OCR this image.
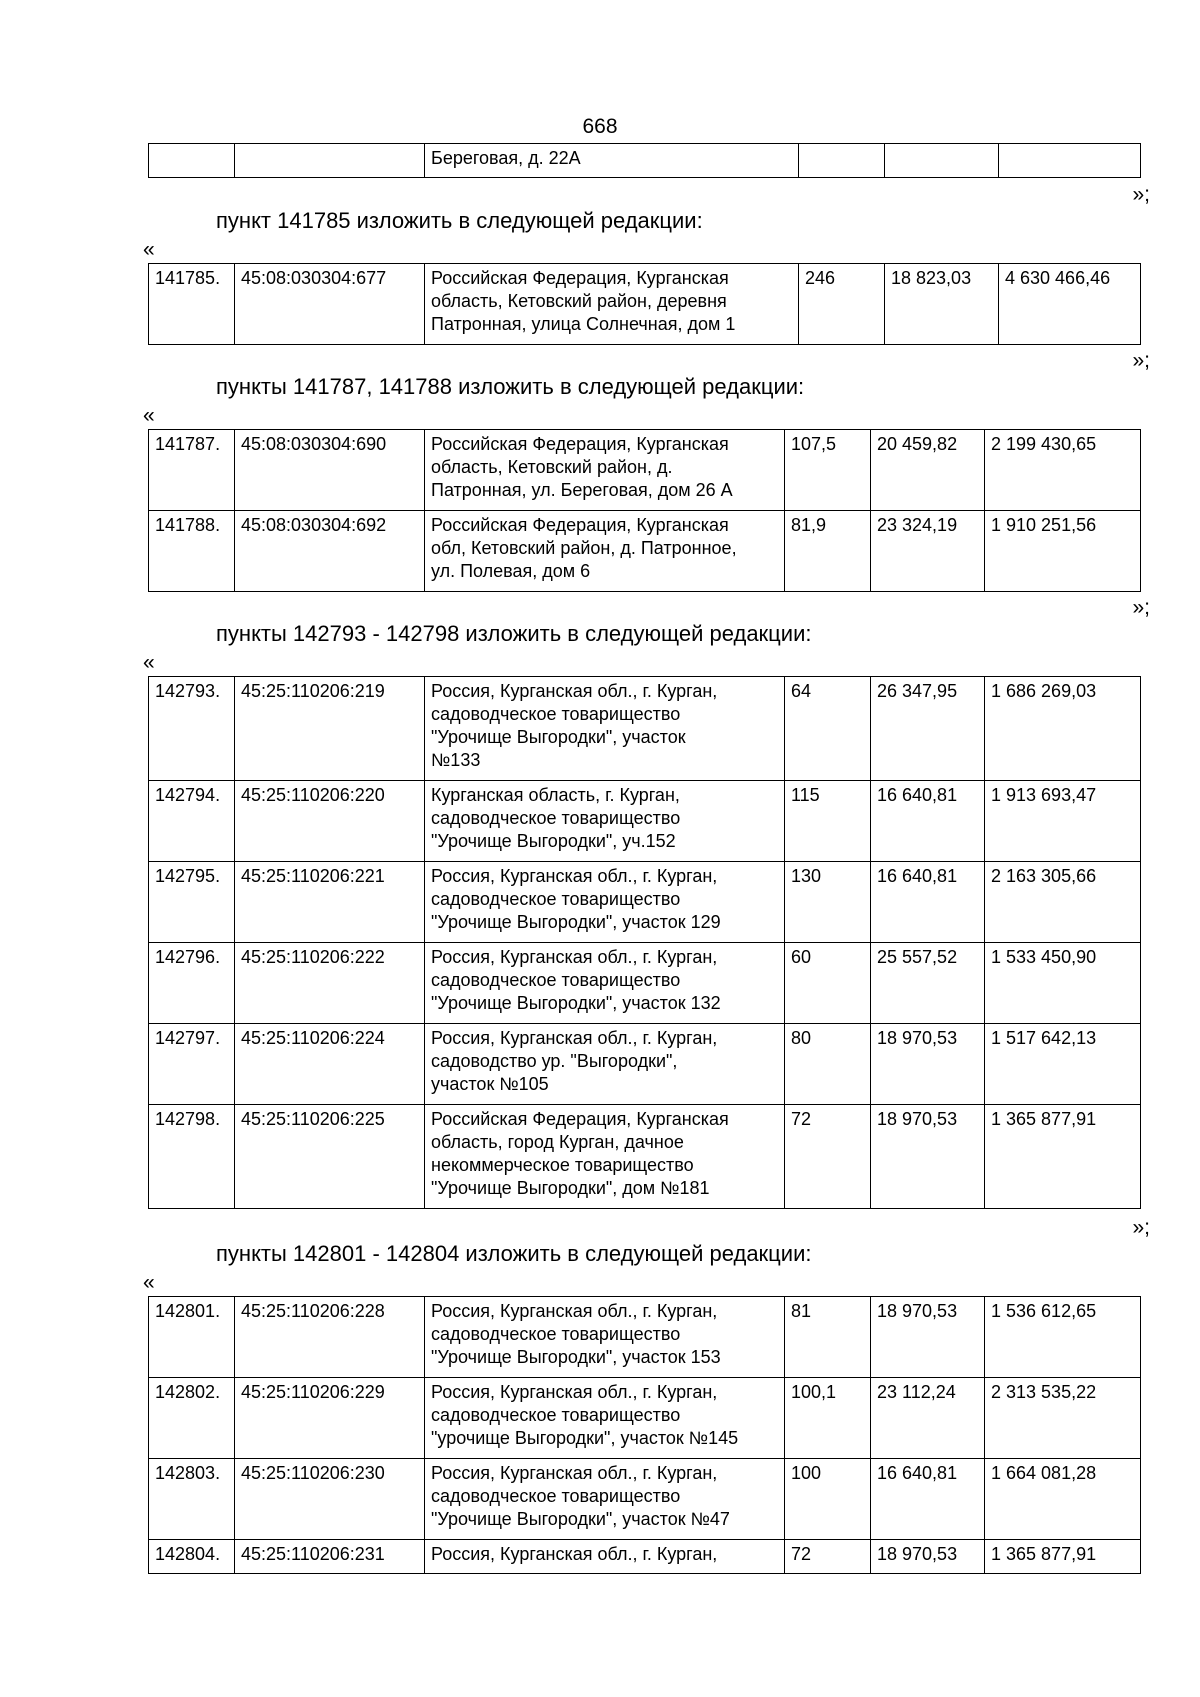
668

Береговая, д. 22А

»;
пункт 141785 изложить в следующей редакции:
«
141785.	45:08:030304:677	Российская Федерация, Курганская
область, Кетовский район, деревня
Патронная, улица Солнечная, дом 1
	246	18 823,03	4 630 466,46
»;
пункты 141787, 141788 изложить в следующей редакции:
«
141787.	45:08:030304:690	Российская Федерация, Курганская
область, Кетовский район, д.
Патронная, ул. Береговая, дом 26 А	107,5	20 459,82	2 199 430,65
141788.	45:08:030304:692	Российская Федерация, Курганская
обл, Кетовский район, д. Патронное,
ул. Полевая, дом 6	81,9	23 324,19	1 910 251,56
»;
пункты 142793 - 142798 изложить в следующей редакции:
«
142793.	45:25:110206:219	Россия, Курганская обл., г. Курган,
садоводческое товарищество
"Урочище Выгородки", участок
№133	64	26 347,95	1 686 269,03
142794.	45:25:110206:220	Курганская область, г. Курган,
садоводческое товарищество
"Урочище Выгородки", уч.152	115	16 640,81	1 913 693,47
142795.	45:25:110206:221	Россия, Курганская обл., г. Курган,
садоводческое товарищество
"Урочище Выгородки", участок 129	130	16 640,81	2 163 305,66
142796.	45:25:110206:222	Россия, Курганская обл., г. Курган,
садоводческое товарищество
"Урочище Выгородки", участок 132	60	25 557,52	1 533 450,90
142797.	45:25:110206:224	Россия, Курганская обл., г. Курган,
садоводство ур. "Выгородки",
участок №105	80	18 970,53	1 517 642,13
142798.	45:25:110206:225	Российская Федерация, Курганская
область, город Курган, дачное
некоммерческое товарищество
"Урочище Выгородки", дом №181	72	18 970,53	1 365 877,91
»;
пункты 142801 - 142804 изложить в следующей редакции:
«
142801.	45:25:110206:228	Россия, Курганская обл., г. Курган,
садоводческое товарищество
"Урочище Выгородки", участок 153	81	18 970,53	1 536 612,65
142802.	45:25:110206:229	Россия, Курганская обл., г. Курган,
садоводческое товарищество
"урочище Выгородки", участок №145	100,1	23 112,24	2 313 535,22
142803.	45:25:110206:230	Россия, Курганская обл., г. Курган,
садоводческое товарищество
"Урочище Выгородки", участок №47	100	16 640,81	1 664 081,28
142804.	45:25:110206:231	Россия, Курганская обл., г. Курган,	72	18 970,53	1 365 877,91
